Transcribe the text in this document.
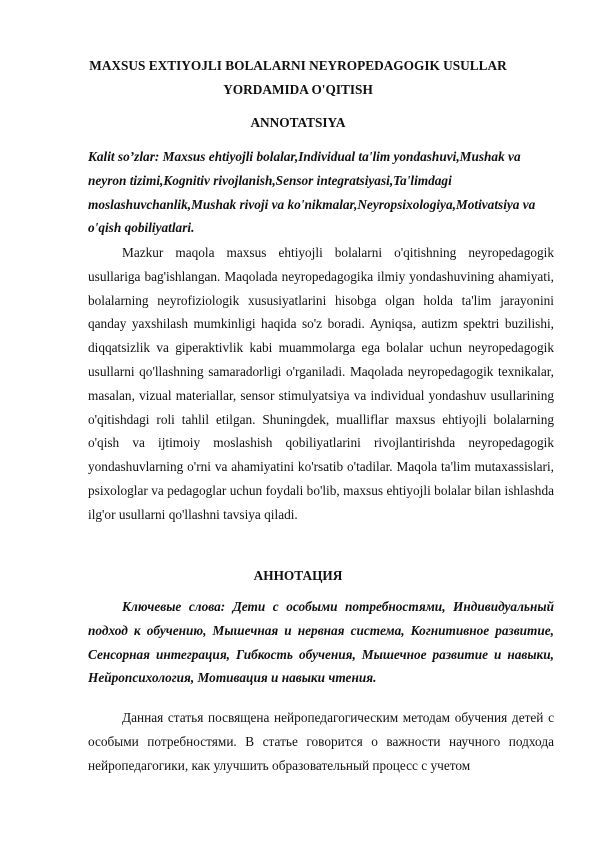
MAXSUS EXTIYOJLI BOLALARNI NEYROPEDAGOGIK USULLAR YORDAMIDA O'QITISH
ANNOTATSIYA

Kalit so’zlar: Maxsus ehtiyojli bolalar,Individual ta'lim yondashuvi,Mushak va neyron tizimi,Kognitiv rivojlanish,Sensor integratsiyasi,Ta'limdagi moslashuvchanlik,Mushak rivoji va ko'nikmalar,Neyropsixologiya,Motivatsiya va o'qish qobiliyatlari.

Mazkur maqola maxsus ehtiyojli bolalarni o'qitishning neyropedagogik usullariga bag'ishlangan. Maqolada neyropedagogika ilmiy yondashuvining ahamiyati, bolalarning neyrofiziologik xususiyatlarini hisobga olgan holda ta'lim jarayonini qanday yaxshilash mumkinligi haqida so'z boradi. Ayniqsa, autizm spektri buzilishi, diqqatsizlik va giperaktivlik kabi muammolarga ega bolalar uchun neyropedagogik usullarni qo'llashning samaradorligi o'rganiladi. Maqolada neyropedagogik texnikalar, masalan, vizual materiallar, sensor stimulyatsiya va individual yondashuv usullarining o'qitishdagi roli tahlil etilgan. Shuningdek, mualliflar maxsus ehtiyojli bolalarning o'qish va ijtimoiy moslashish qobiliyatlarini rivojlantirishda neyropedagogik yondashuvlarning o'rni va ahamiyatini ko'rsatib o'tadilar. Maqola ta'lim mutaxassislari, psixologlar va pedagoglar uchun foydali bo'lib, maxsus ehtiyojli bolalar bilan ishlashda ilg'or usullarni qo'llashni tavsiya qiladi.

АННОТАЦИЯ

Ключевые слова: Дети с особыми потребностями, Индивидуальный подход к обучению, Мышечная и нервная система, Когнитивное развитие, Сенсорная интеграция, Гибкость обучения, Мышечное развитие и навыки, Нейропсихология, Мотивация и навыки чтения.

Данная статья посвящена нейропедагогическим методам обучения детей с особыми потребностями. В статье говорится о важности научного подхода нейропедагогики, как улучшить образовательный процесс с учетом
